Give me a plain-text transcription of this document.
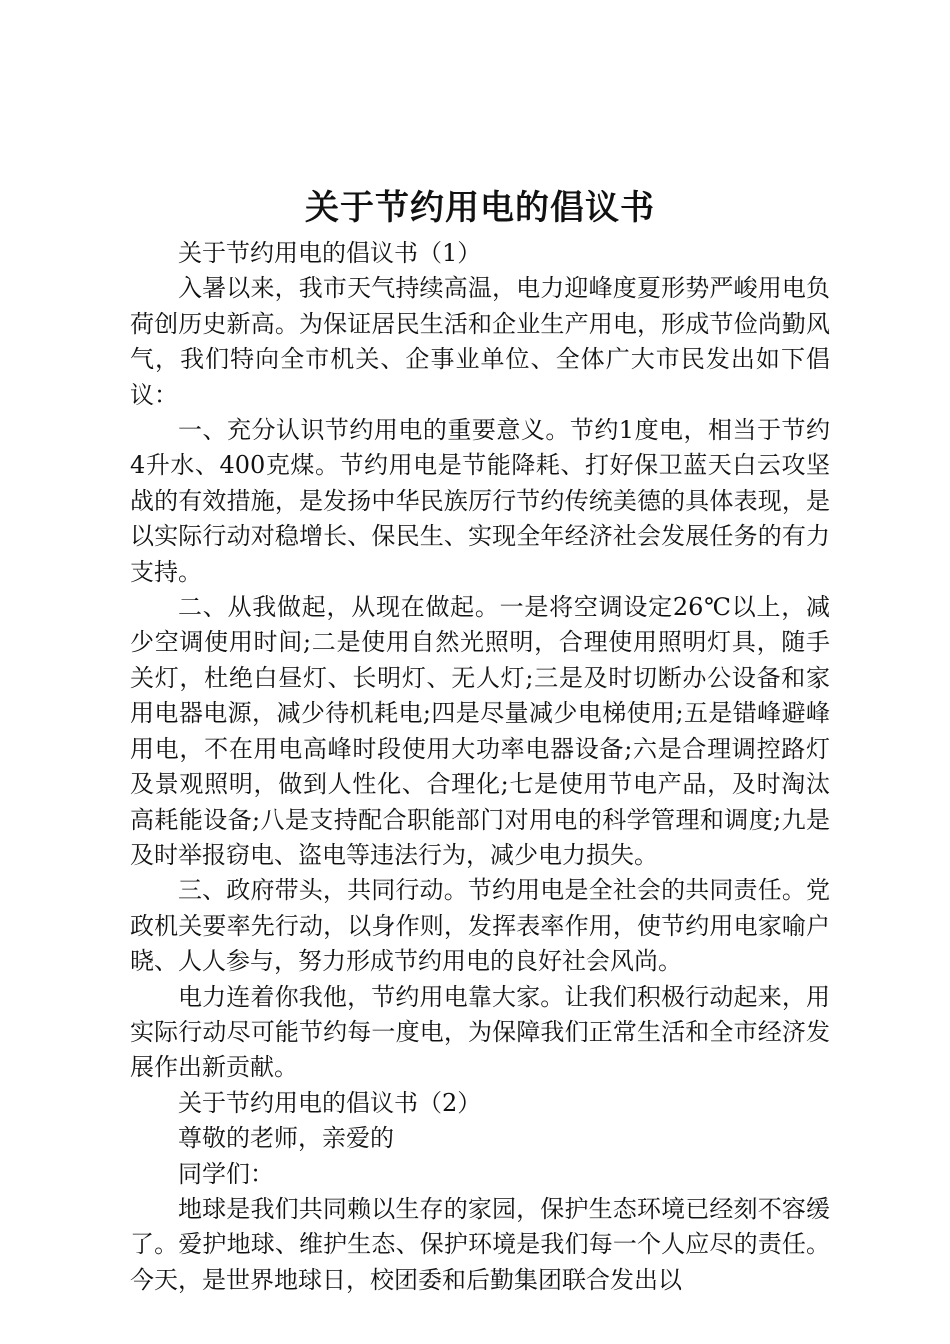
关于节约用电的倡议书

关于节约用电的倡议书（1）

入暑以来，我市天气持续高温，电力迎峰度夏形势严峻用电负荷创历史新高。为保证居民生活和企业生产用电，形成节俭尚勤风气，我们特向全市机关、企事业单位、全体广大市民发出如下倡议：

一、充分认识节约用电的重要意义。节约1度电，相当于节约4升水、400克煤。节约用电是节能降耗、打好保卫蓝天白云攻坚战的有效措施，是发扬中华民族厉行节约传统美德的具体表现，是以实际行动对稳增长、保民生、实现全年经济社会发展任务的有力支持。

二、从我做起，从现在做起。一是将空调设定26℃以上，减少空调使用时间;二是使用自然光照明，合理使用照明灯具，随手关灯，杜绝白昼灯、长明灯、无人灯;三是及时切断办公设备和家用电器电源，减少待机耗电;四是尽量减少电梯使用;五是错峰避峰用电，不在用电高峰时段使用大功率电器设备;六是合理调控路灯及景观照明，做到人性化、合理化;七是使用节电产品，及时淘汰高耗能设备;八是支持配合职能部门对用电的科学管理和调度;九是及时举报窃电、盗电等违法行为，减少电力损失。

三、政府带头，共同行动。节约用电是全社会的共同责任。党政机关要率先行动，以身作则，发挥表率作用，使节约用电家喻户晓、人人参与，努力形成节约用电的良好社会风尚。

电力连着你我他，节约用电靠大家。让我们积极行动起来，用实际行动尽可能节约每一度电，为保障我们正常生活和全市经济发展作出新贡献。

关于节约用电的倡议书（2）

尊敬的老师，亲爱的

同学们：

地球是我们共同赖以生存的家园，保护生态环境已经刻不容缓了。爱护地球、维护生态、保护环境是我们每一个人应尽的责任。今天，是世界地球日，校团委和后勤集团联合发出以
